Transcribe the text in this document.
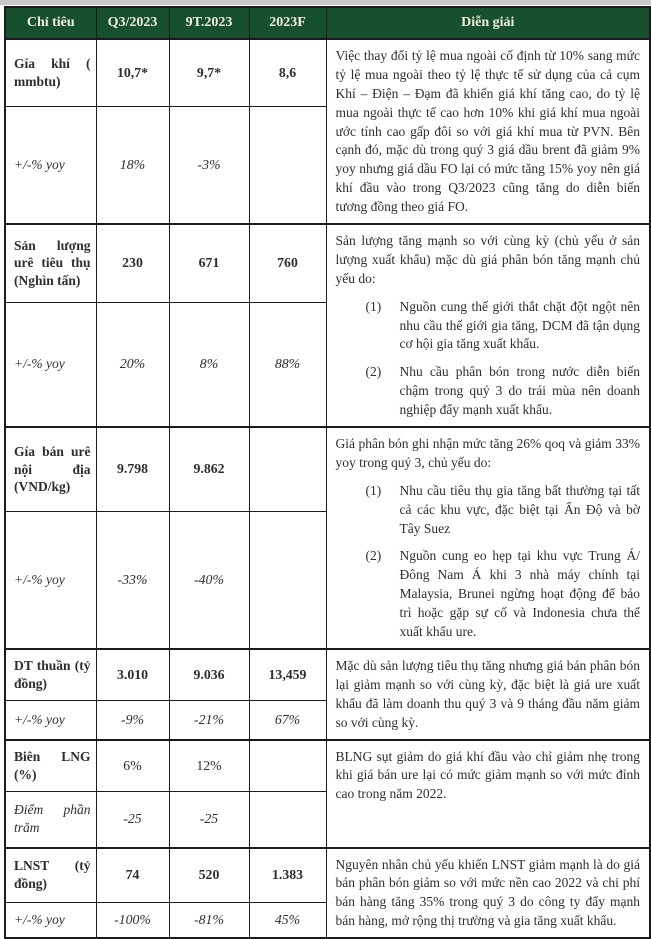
Chỉ tiêu	Q3/2023	9T.2023	2023F	Diễn giải
Gía khí ( mmbtu)	10,7*	9,7*	8,6	Việc thay đổi tỷ lệ mua ngoài cố định từ 10% sang mức tỷ lệ mua ngoài theo tỷ lệ thực tế sử dụng của cả cụm Khí – Điện – Đạm đã khiến giá khí tăng cao, do tỷ lệ mua ngoài thực tế cao hơn 10% khi giá khí mua ngoài ước tính cao gấp đôi so với giá khí mua từ PVN. Bên cạnh đó, mặc dù trong quý 3 giá dầu brent đã giảm 9% yoy nhưng giá dầu FO lại có mức tăng 15% yoy nên giá khí đầu vào trong Q3/2023 cũng tăng do diễn biến tương đồng theo giá FO.

+/-% yoy	18%	-3%		
Sản lượng urê tiêu thụ (Nghìn tấn)	230	671	760	Sản lượng tăng mạnh so với cùng kỳ (chủ yếu ở sản lượng xuất khẩu) mặc dù giá phân bón tăng mạnh chủ yếu do:
(1) Nguồn cung thế giới thắt chặt đột ngột nên nhu cầu thế giới gia tăng, DCM đã tận dụng cơ hội gia tăng xuất khẩu.
(2) Nhu cầu phân bón trong nước diễn biến chậm trong quý 3 do trái mùa nên doanh nghiệp đẩy mạnh xuất khẩu.

+/-% yoy	20%	8%	88%	
Gía bán urê nội địa (VND/kg)	9.798	9.862		Giá phân bón ghi nhận mức tăng 26% qoq và giảm 33% yoy trong quý 3, chủ yếu do:
(1) Nhu cầu tiêu thụ gia tăng bất thường tại tất cả các khu vực, đặc biệt tại Ấn Độ và bờ Tây Suez
(2) Nguồn cung eo hẹp tại khu vực Trung Á/Đông Nam Á khi 3 nhà máy chính tại Malaysia, Brunei ngừng hoạt động để bảo trì hoặc gặp sự cố và Indonesia chưa thể xuất khẩu ure.

+/-% yoy	-33%	-40%		
DT thuần (tỷ đồng)	3.010	9.036	13,459	Mặc dù sản lượng tiêu thụ tăng nhưng giá bán phân bón lại giảm mạnh so với cùng kỳ, đặc biệt là giá ure xuất khẩu đã làm doanh thu quý 3 và 9 tháng đầu năm giảm so với cùng kỳ.

+/-% yoy	-9%	-21%	67%	
Biên LNG (%)	6%	12%		BLNG sụt giảm do giá khí đầu vào chỉ giảm nhẹ trong khi giá bán ure lại có mức giảm mạnh so với mức đỉnh cao trong năm 2022.

Điểm phần trăm	-25	-25		
LNST (tỷ đồng)	74	520	1.383	Nguyên nhân chủ yếu khiến LNST giảm mạnh là do giá bán phân bón giảm so với mức nền cao 2022 và chi phí bán hàng tăng 35% trong quý 3 do công ty đẩy mạnh bán hàng, mở rộng thị trường và gia tăng xuất khẩu.

+/-% yoy	-100%	-81%	45%	
